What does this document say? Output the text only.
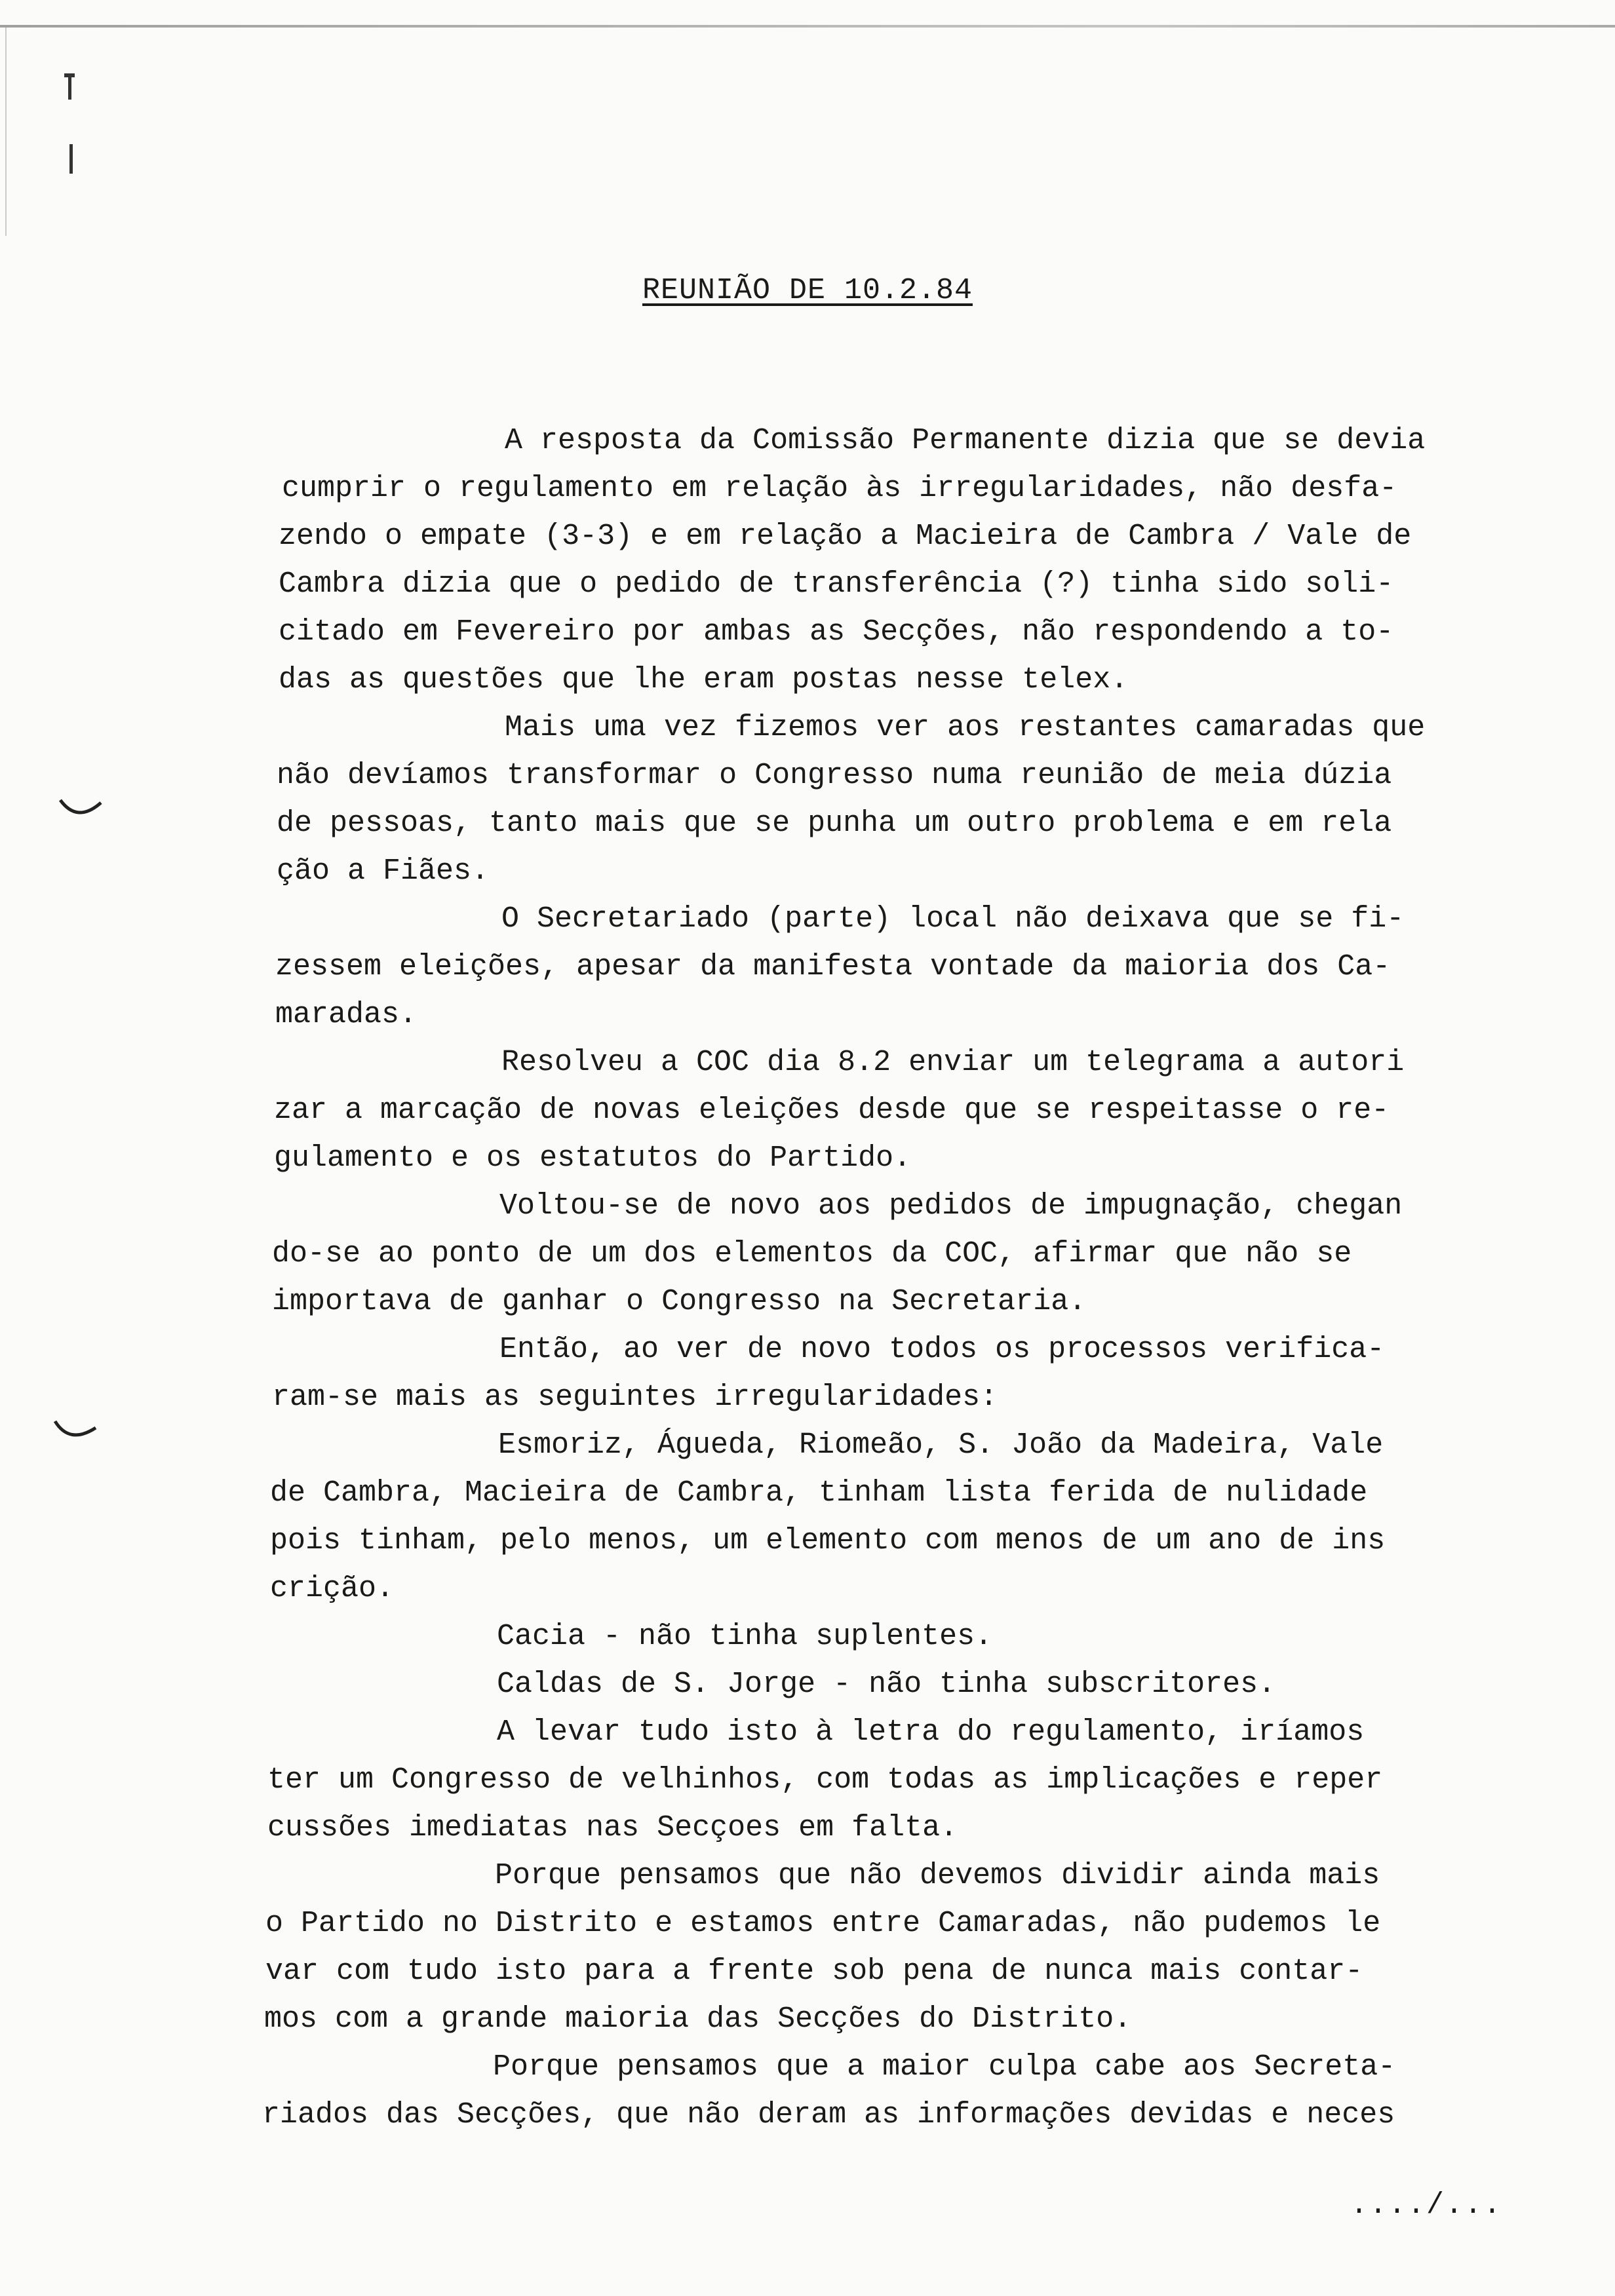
REUNIÃO DE 10.2.84
A resposta da Comissão Permanente dizia que se devia
cumprir o regulamento em relação às irregularidades, não desfa-
zendo o empate (3-3) e em relação a Macieira de Cambra / Vale de
Cambra dizia que o pedido de transferência (?) tinha sido soli-
citado em Fevereiro por ambas as Secções, não respondendo a to-
das as questões que lhe eram postas nesse telex.
Mais uma vez fizemos ver aos restantes camaradas que
não devíamos transformar o Congresso numa reunião de meia dúzia
de pessoas, tanto mais que se punha um outro problema e em rela
ção a Fiães.
O Secretariado (parte) local não deixava que se fi-
zessem eleições, apesar da manifesta vontade da maioria dos Ca-
maradas.
Resolveu a COC dia 8.2 enviar um telegrama a autori
zar a marcação de novas eleições desde que se respeitasse o re-
gulamento e os estatutos do Partido.
Voltou-se de novo aos pedidos de impugnação, chegan
do-se ao ponto de um dos elementos da COC, afirmar que não se
importava de ganhar o Congresso na Secretaria.
Então, ao ver de novo todos os processos verifica-
ram-se mais as seguintes irregularidades:
Esmoriz, Águeda, Riomeão, S. João da Madeira, Vale
de Cambra, Macieira de Cambra, tinham lista ferida de nulidade
pois tinham, pelo menos, um elemento com menos de um ano de ins
crição.
Cacia - não tinha suplentes.
Caldas de S. Jorge - não tinha subscritores.
A levar tudo isto à letra do regulamento, iríamos
ter um Congresso de velhinhos, com todas as implicações e reper
cussões imediatas nas Secçoes em falta.
Porque pensamos que não devemos dividir ainda mais
o Partido no Distrito e estamos entre Camaradas, não pudemos le
var com tudo isto para a frente sob pena de nunca mais contar-
mos com a grande maioria das Secções do Distrito.
Porque pensamos que a maior culpa cabe aos Secreta-
riados das Secções, que não deram as informações devidas e neces
..../...
